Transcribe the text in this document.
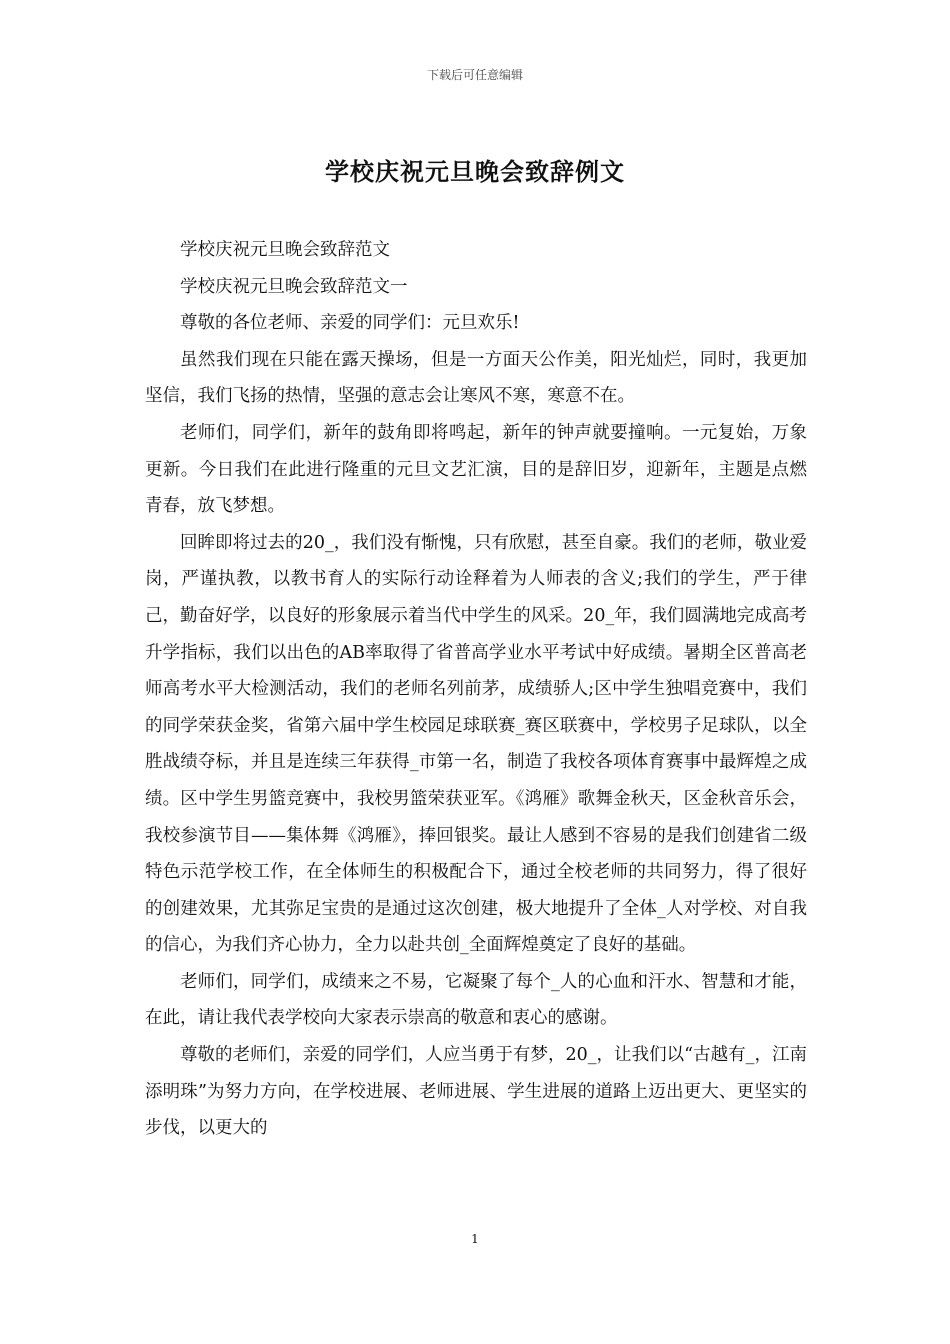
下载后可任意编辑
学校庆祝元旦晚会致辞例文

学校庆祝元旦晚会致辞范文

学校庆祝元旦晚会致辞范文一

尊敬的各位老师、亲爱的同学们：元旦欢乐!

虽然我们现在只能在露天操场，但是一方面天公作美，阳光灿烂，同时，我更加坚信，我们飞扬的热情，坚强的意志会让寒风不寒，寒意不在。

老师们，同学们，新年的鼓角即将鸣起，新年的钟声就要撞响。一元复始，万象更新。今日我们在此进行隆重的元旦文艺汇演，目的是辞旧岁，迎新年，主题是点燃青春，放飞梦想。

回眸即将过去的20_，我们没有惭愧，只有欣慰，甚至自豪。我们的老师，敬业爱岗，严谨执教，以教书育人的实际行动诠释着为人师表的含义;我们的学生，严于律己，勤奋好学，以良好的形象展示着当代中学生的风采。20_年，我们圆满地完成高考升学指标，我们以出色的AB率取得了省普高学业水平考试中好成绩。暑期全区普高老师高考水平大检测活动，我们的老师名列前茅，成绩骄人;区中学生独唱竞赛中，我们的同学荣获金奖，省第六届中学生校园足球联赛_赛区联赛中，学校男子足球队，以全胜战绩夺标，并且是连续三年获得_市第一名，制造了我校各项体育赛事中最辉煌之成绩。区中学生男篮竞赛中，我校男篮荣获亚军。《鸿雁》歌舞金秋天，区金秋音乐会，我校参演节目——集体舞《鸿雁》，捧回银奖。最让人感到不容易的是我们创建省二级特色示范学校工作，在全体师生的积极配合下，通过全校老师的共同努力，得了很好的创建效果，尤其弥足宝贵的是通过这次创建，极大地提升了全体_人对学校、对自我的信心，为我们齐心协力，全力以赴共创_全面辉煌奠定了良好的基础。

老师们，同学们，成绩来之不易，它凝聚了每个_人的心血和汗水、智慧和才能，在此，请让我代表学校向大家表示崇高的敬意和衷心的感谢。

尊敬的老师们，亲爱的同学们，人应当勇于有梦，20_，让我们以“古越有_，江南添明珠”为努力方向，在学校进展、老师进展、学生进展的道路上迈出更大、更坚实的步伐，以更大的

1
